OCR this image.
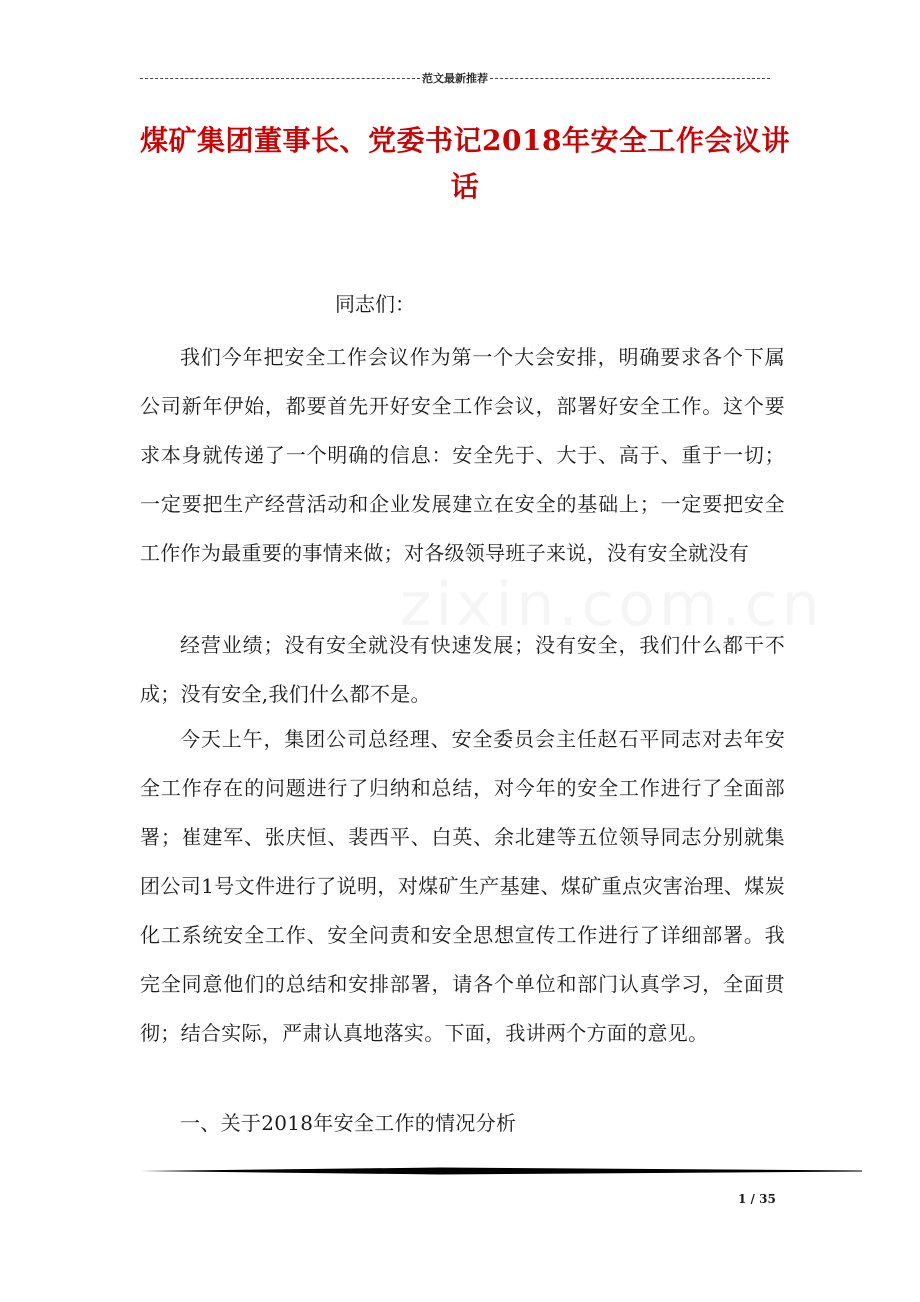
范文最新推荐
煤矿集团董事长、党委书记2018年安全工作会议讲话
zixin.com.cn
同志们：

我们今年把安全工作会议作为第一个大会安排，明确要求各个下属公司新年伊始，都要首先开好安全工作会议，部署好安全工作。这个要求本身就传递了一个明确的信息：安全先于、大于、高于、重于一切；一定要把生产经营活动和企业发展建立在安全的基础上；一定要把安全工作作为最重要的事情来做；对各级领导班子来说，没有安全就没有

经营业绩；没有安全就没有快速发展；没有安全，我们什么都干不成；没有安全,我们什么都不是。

今天上午，集团公司总经理、安全委员会主任赵石平同志对去年安全工作存在的问题进行了归纳和总结，对今年的安全工作进行了全面部署；崔建军、张庆恒、裴西平、白英、余北建等五位领导同志分别就集团公司1号文件进行了说明，对煤矿生产基建、煤矿重点灾害治理、煤炭化工系统安全工作、安全问责和安全思想宣传工作进行了详细部署。我完全同意他们的总结和安排部署，请各个单位和部门认真学习，全面贯彻；结合实际，严肃认真地落实。下面，我讲两个方面的意见。

一、关于2018年安全工作的情况分析

1 / 35
